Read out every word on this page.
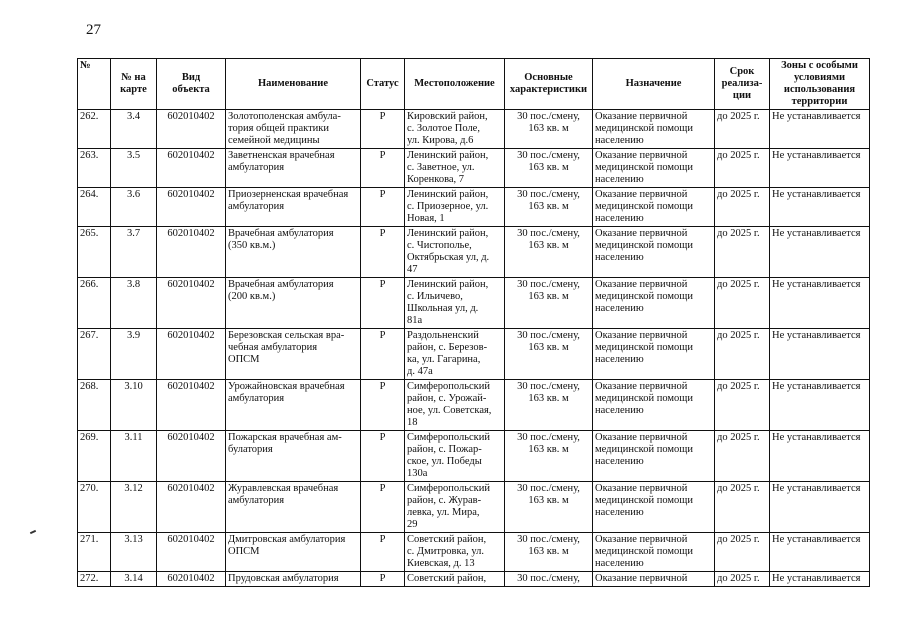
27
№	№ на
карте	Вид
объекта	Наименование	Статус	Местоположение	Основные
характеристики	Назначение	Срок
реализа-
ции	Зоны с особыми
условиями
использования
территории
262.	3.4	602010402	Золотополенская амбула-
тория общей практики
семейной медицины	Р	Кировский район,
с. Золотое Поле,
ул. Кирова, д.6	30 пос./смену,
163 кв. м	Оказание первичной
медицинской помощи
населению	до 2025 г.	Не устанавливается
263.	3.5	602010402	Заветненская врачебная
амбулатория	Р	Ленинский район,
с. Заветное, ул.
Коренкова, 7	30 пос./смену,
163 кв. м	Оказание первичной
медицинской помощи
населению	до 2025 г.	Не устанавливается
264.	3.6	602010402	Приозерненская врачебная
амбулатория	Р	Ленинский район,
с. Приозерное, ул.
Новая, 1	30 пос./смену,
163 кв. м	Оказание первичной
медицинской помощи
населению	до 2025 г.	Не устанавливается
265.	3.7	602010402	Врачебная амбулатория
(350 кв.м.)	Р	Ленинский район,
с. Чистополье,
Октябрьская ул, д.
47	30 пос./смену,
163 кв. м	Оказание первичной
медицинской помощи
населению	до 2025 г.	Не устанавливается
266.	3.8	602010402	Врачебная амбулатория
(200 кв.м.)	Р	Ленинский район,
с. Ильичево,
Школьная ул, д.
81а	30 пос./смену,
163 кв. м	Оказание первичной
медицинской помощи
населению	до 2025 г.	Не устанавливается
267.	3.9	602010402	Березовская сельская вра-
чебная амбулатория
ОПСМ	Р	Раздольненский
район, с. Березов-
ка, ул. Гагарина,
д. 47а	30 пос./смену,
163 кв. м	Оказание первичной
медицинской помощи
населению	до 2025 г.	Не устанавливается
268.	3.10	602010402	Урожайновская врачебная
амбулатория	Р	Симферопольский
район, с. Урожай-
ное, ул. Советская,
18	30 пос./смену,
163 кв. м	Оказание первичной
медицинской помощи
населению	до 2025 г.	Не устанавливается
269.	3.11	602010402	Пожарская врачебная ам-
булатория	Р	Симферопольский
район, с. Пожар-
ское, ул. Победы
130а	30 пос./смену,
163 кв. м	Оказание первичной
медицинской помощи
населению	до 2025 г.	Не устанавливается
270.	3.12	602010402	Журавлевская врачебная
амбулатория	Р	Симферопольский
район, с. Журав-
левка, ул. Мира,
29	30 пос./смену,
163 кв. м	Оказание первичной
медицинской помощи
населению	до 2025 г.	Не устанавливается
271.	3.13	602010402	Дмитровская амбулатория
ОПСМ	Р	Советский район,
с. Дмитровка, ул.
Киевская, д. 13	30 пос./смену,
163 кв. м	Оказание первичной
медицинской помощи
населению	до 2025 г.	Не устанавливается
272.	3.14	602010402	Прудовская амбулатория	Р	Советский район,	30 пос./смену,	Оказание первичной	до 2025 г.	Не устанавливается
